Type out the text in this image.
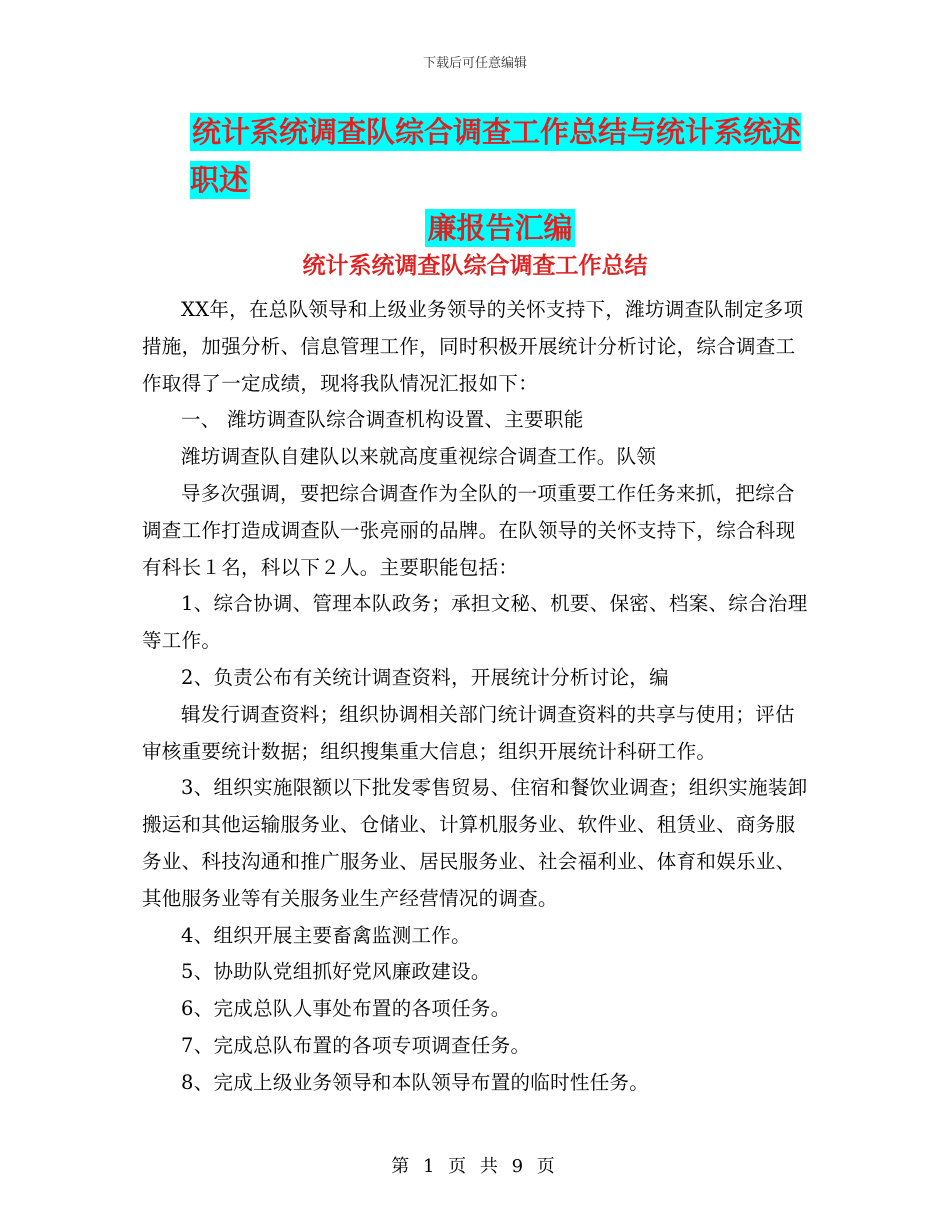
下载后可任意编辑
统计系统调查队综合调查工作总结与统计系统述职述
廉报告汇编
统计系统调查队综合调查工作总结

XX年，在总队领导和上级业务领导的关怀支持下，潍坊调查队制定多项措施，加强分析、信息管理工作，同时积极开展统计分析讨论，综合调查工作取得了一定成绩，现将我队情况汇报如下：

一、 潍坊调查队综合调查机构设置、主要职能

潍坊调查队自建队以来就高度重视综合调查工作。队领

导多次强调，要把综合调查作为全队的一项重要工作任务来抓，把综合调查工作打造成调查队一张亮丽的品牌。在队领导的关怀支持下，综合科现有科长１名，科以下２人。主要职能包括：

1、综合协调、管理本队政务；承担文秘、机要、保密、档案、综合治理等工作。

2、负责公布有关统计调查资料，开展统计分析讨论，编

辑发行调查资料；组织协调相关部门统计调查资料的共享与使用；评估审核重要统计数据；组织搜集重大信息；组织开展统计科研工作。

3、组织实施限额以下批发零售贸易、住宿和餐饮业调查；组织实施装卸搬运和其他运输服务业、仓储业、计算机服务业、软件业、租赁业、商务服务业、科技沟通和推广服务业、居民服务业、社会福利业、体育和娱乐业、其他服务业等有关服务业生产经营情况的调查。

4、组织开展主要畜禽监测工作。

5、协助队党组抓好党风廉政建设。

6、完成总队人事处布置的各项任务。

7、完成总队布置的各项专项调查任务。

8、完成上级业务领导和本队领导布置的临时性任务。

第 1 页 共 9 页
